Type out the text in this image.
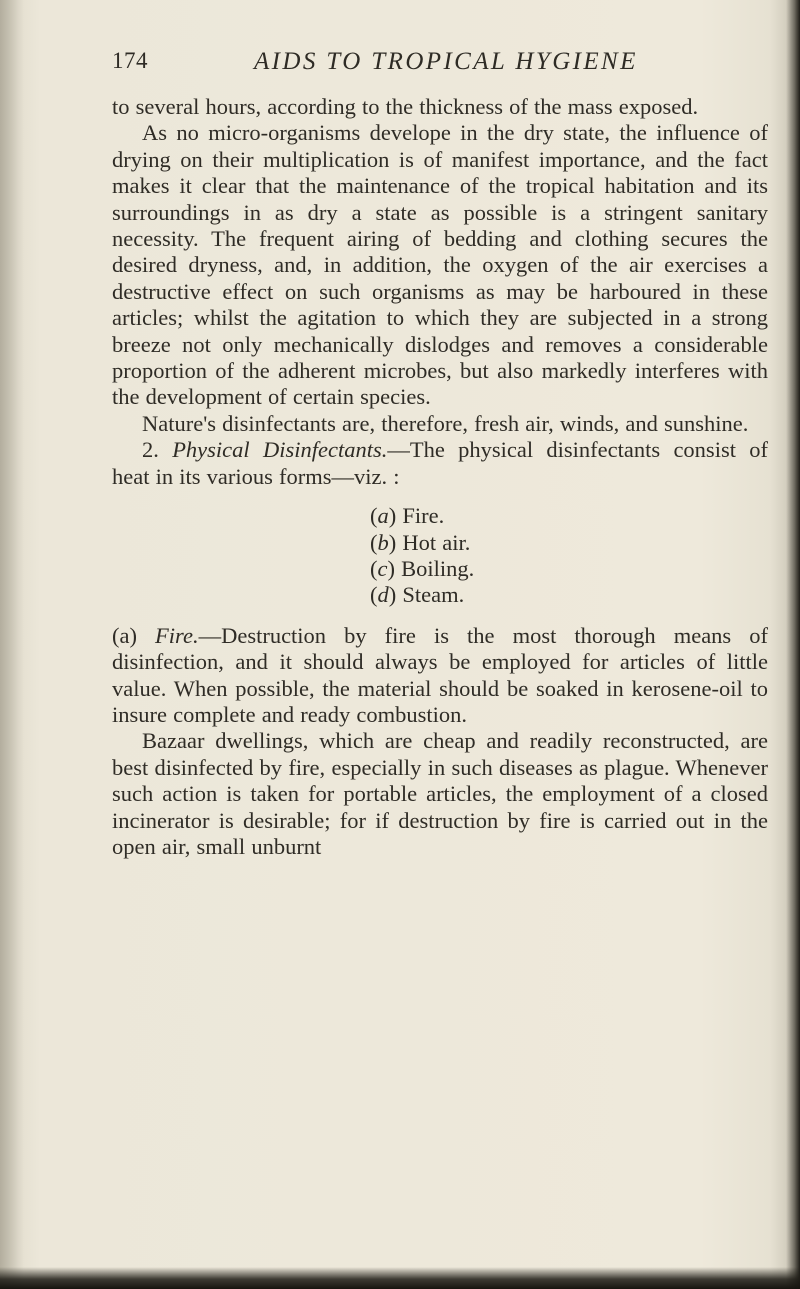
174	AIDS TO TROPICAL HYGIENE

to several hours, according to the thickness of the mass exposed.

As no micro-organisms develope in the dry state, the influence of drying on their multiplication is of manifest importance, and the fact makes it clear that the maintenance of the tropical habitation and its surroundings in as dry a state as possible is a stringent sanitary necessity. The frequent airing of bedding and clothing secures the desired dryness, and, in addition, the oxygen of the air exercises a destructive effect on such organisms as may be harboured in these articles; whilst the agitation to which they are subjected in a strong breeze not only mechanically dislodges and removes a considerable proportion of the adherent microbes, but also markedly interferes with the development of certain species.

Nature's disinfectants are, therefore, fresh air, winds, and sunshine.

2. Physical Disinfectants.—The physical disinfectants consist of heat in its various forms—viz. :

(a) Fire.
(b) Hot air.
(c) Boiling.
(d) Steam.

(a) Fire.—Destruction by fire is the most thorough means of disinfection, and it should always be employed for articles of little value. When possible, the material should be soaked in kerosene-oil to insure complete and ready combustion.

Bazaar dwellings, which are cheap and readily reconstructed, are best disinfected by fire, especially in such diseases as plague. Whenever such action is taken for portable articles, the employment of a closed incinerator is desirable; for if destruction by fire is carried out in the open air, small unburnt
